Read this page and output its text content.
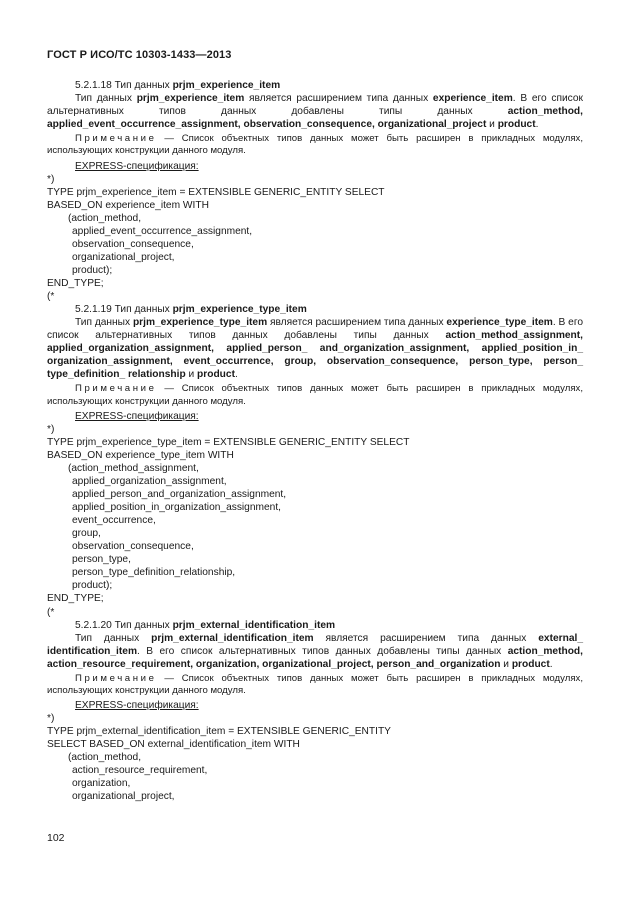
ГОСТ Р ИСО/ТС 10303-1433—2013

5.2.1.18 Тип данных prjm_experience_item

Тип данных prjm_experience_item является расширением типа данных experience_item. В его список альтернативных типов данных добавлены типы данных action_method, applied_event_occurrence_assignment, observation_consequence, organizational_project и product.

Примечание — Список объектных типов данных может быть расширен в прикладных модулях, использующих конструкции данного модуля.

EXPRESS-спецификация:

*)
TYPE prjm_experience_item = EXTENSIBLE GENERIC_ENTITY SELECT
BASED_ON experience_item WITH
(action_method,
applied_event_occurrence_assignment,
observation_consequence,
organizational_project,
product);
END_TYPE;
(*

5.2.1.19 Тип данных prjm_experience_type_item

Тип данных prjm_experience_type_item является расширением типа данных experience_type_item. В его список альтернативных типов данных добавлены типы данных action_method_assignment, applied_organization_assignment, applied_person_ and_organization_assignment, applied_position_in_ organization_assignment, event_occurrence, group, observation_consequence, person_type, person_ type_definition_ relationship и product.

Примечание — Список объектных типов данных может быть расширен в прикладных модулях, использующих конструкции данного модуля.

EXPRESS-спецификация:

*)
TYPE prjm_experience_type_item = EXTENSIBLE GENERIC_ENTITY SELECT
BASED_ON experience_type_item WITH
(action_method_assignment,
applied_organization_assignment,
applied_person_and_organization_assignment,
applied_position_in_organization_assignment,
event_occurrence,
group,
observation_consequence,
person_type,
person_type_definition_relationship,
product);
END_TYPE;
(*

5.2.1.20 Тип данных prjm_external_identification_item

Тип данных prjm_external_identification_item является расширением типа данных external_ identification_item. В его список альтернативных типов данных добавлены типы данных action_method, action_resource_requirement, organization, organizational_project, person_and_organization и product.

Примечание — Список объектных типов данных может быть расширен в прикладных модулях, использующих конструкции данного модуля.

EXPRESS-спецификация:

*)
TYPE prjm_external_identification_item = EXTENSIBLE GENERIC_ENTITY
SELECT BASED_ON external_identification_item WITH
(action_method,
action_resource_requirement,
organization,
organizational_project,
102
